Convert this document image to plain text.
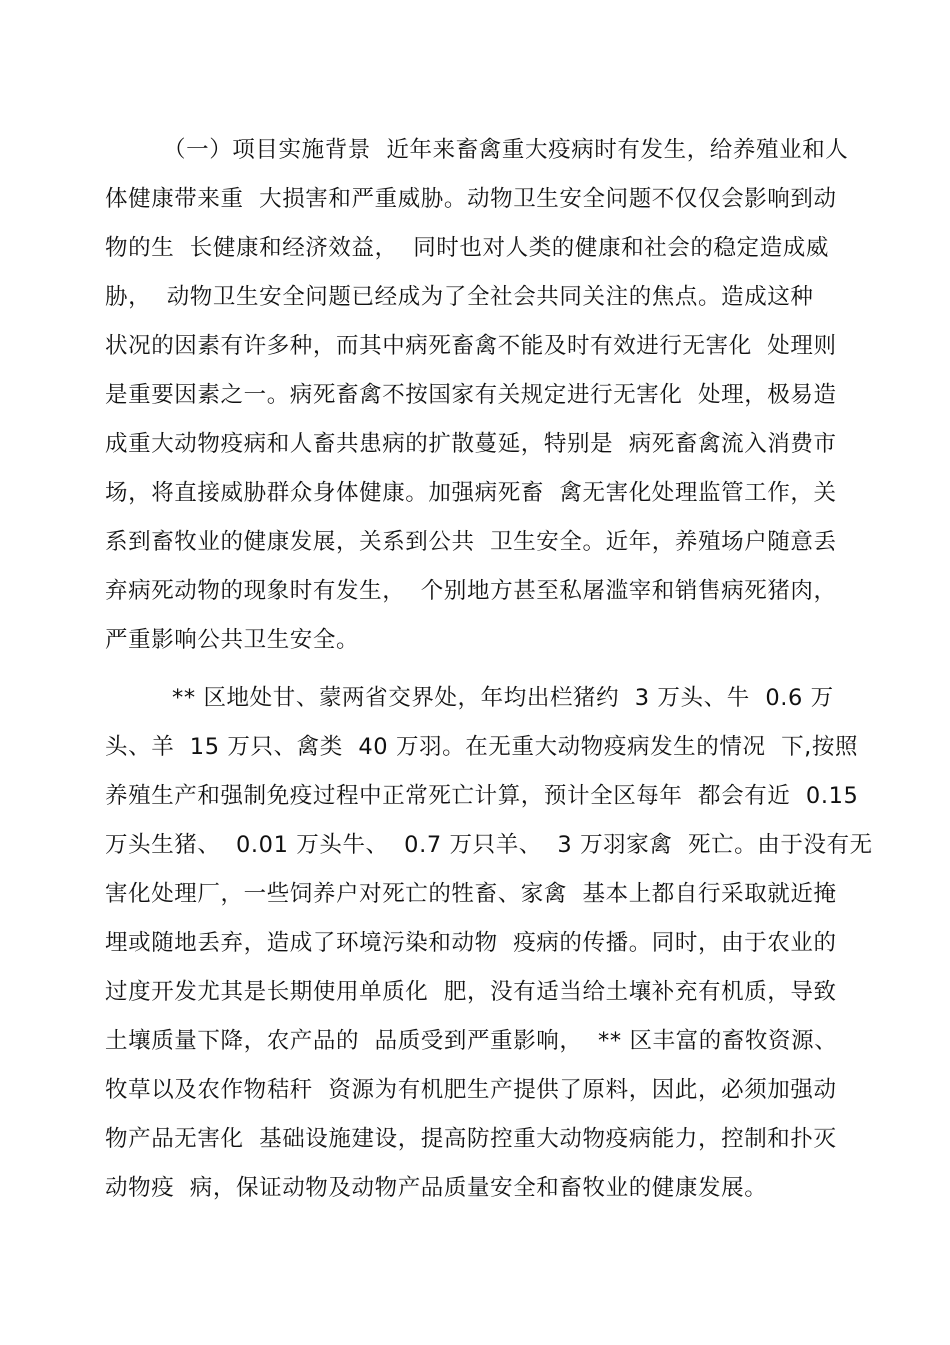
（一）项目实施背景  近年来畜禽重大疫病时有发生，给养殖业和人
体健康带来重  大损害和严重威胁。动物卫生安全问题不仅仅会影响到动
物的生  长健康和经济效益，  同时也对人类的健康和社会的稳定造成威
胁，  动物卫生安全问题已经成为了全社会共同关注的焦点。造成这种
状况的因素有许多种，而其中病死畜禽不能及时有效进行无害化  处理则
是重要因素之一。病死畜禽不按国家有关规定进行无害化  处理，极易造
成重大动物疫病和人畜共患病的扩散蔓延，特别是  病死畜禽流入消费市
场，将直接威胁群众身体健康。加强病死畜  禽无害化处理监管工作，关
系到畜牧业的健康发展，关系到公共  卫生安全。近年，养殖场户随意丢
弃病死动物的现象时有发生，  个别地方甚至私屠滥宰和销售病死猪肉，
严重影响公共卫生安全。
** 区地处甘、蒙两省交界处，年均出栏猪约  3 万头、牛  0.6 万
头、羊  15 万只、禽类  40 万羽。在无重大动物疫病发生的情况  下,按照
养殖生产和强制免疫过程中正常死亡计算，预计全区每年  都会有近  0.15
万头生猪、  0.01 万头牛、  0.7 万只羊、  3 万羽家禽  死亡。由于没有无
害化处理厂，一些饲养户对死亡的牲畜、家禽  基本上都自行采取就近掩
埋或随地丢弃，造成了环境污染和动物  疫病的传播。同时，由于农业的
过度开发尤其是长期使用单质化  肥，没有适当给土壤补充有机质，导致
土壤质量下降，农产品的  品质受到严重影响，  ** 区丰富的畜牧资源、
牧草以及农作物秸秆  资源为有机肥生产提供了原料，因此，必须加强动
物产品无害化  基础设施建设，提高防控重大动物疫病能力，控制和扑灭
动物疫  病，保证动物及动物产品质量安全和畜牧业的健康发展。
